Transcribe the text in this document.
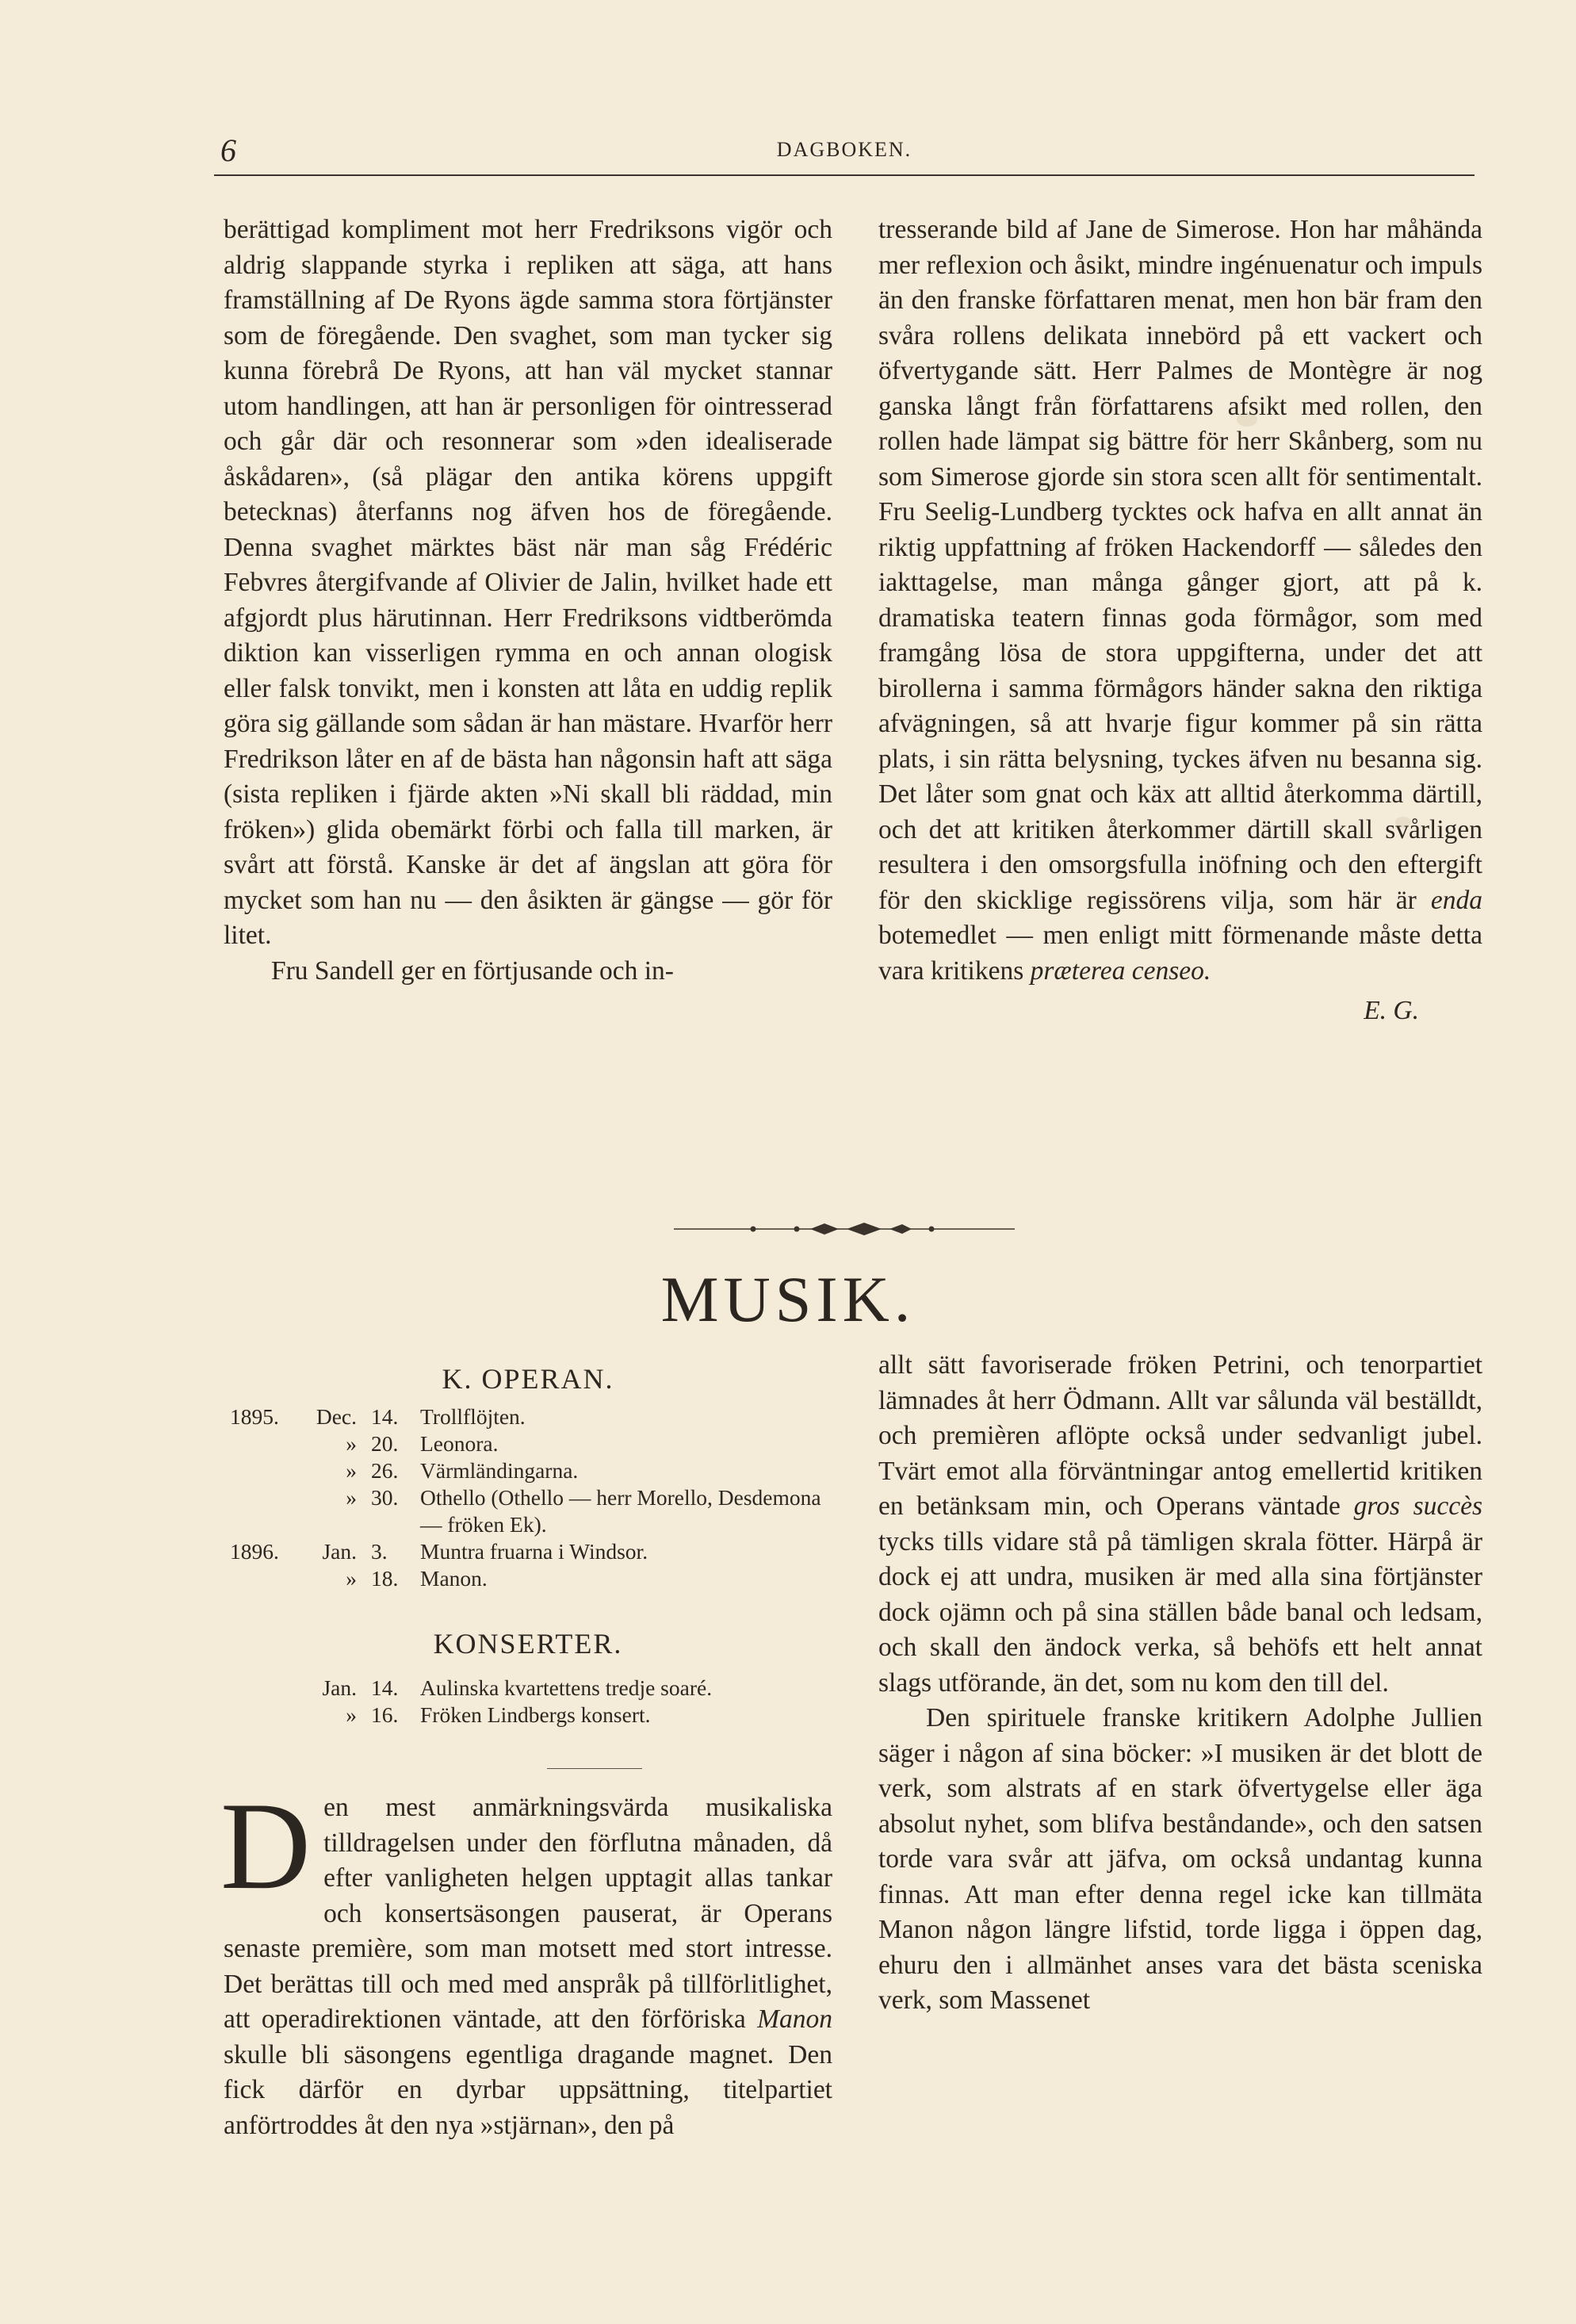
6	DAGBOKEN.

berättigad kompliment mot herr Fredriksons vigör och aldrig slappande styrka i repliken att säga, att hans framställning af De Ryons ägde samma stora förtjänster som de föregående. Den svaghet, som man tycker sig kunna förebrå De Ryons, att han väl mycket stannar utom handlingen, att han är personligen för ointresserad och går där och resonnerar som »den idealiserade åskådaren», (så plägar den antika körens uppgift betecknas) återfanns nog äfven hos de föregående. Denna svaghet märktes bäst när man såg Frédéric Febvres återgifvande af Olivier de Jalin, hvilket hade ett afgjordt plus härutinnan. Herr Fredriksons vidtberömda diktion kan visserligen rymma en och annan ologisk eller falsk tonvikt, men i konsten att låta en uddig replik göra sig gällande som sådan är han mästare. Hvarför herr Fredrikson låter en af de bästa han någonsin haft att säga (sista repliken i fjärde akten »Ni skall bli räddad, min fröken») glida obemärkt förbi och falla till marken, är svårt att förstå. Kanske är det af ängslan att göra för mycket som han nu — den åsikten är gängse — gör för litet.

Fru Sandell ger en förtjusande och in-

tresserande bild af Jane de Simerose. Hon har måhända mer reflexion och åsikt, mindre ingénuenatur och impuls än den franske författaren menat, men hon bär fram den svåra rollens delikata innebörd på ett vackert och öfvertygande sätt. Herr Palmes de Montègre är nog ganska långt från författarens afsikt med rollen, den rollen hade lämpat sig bättre för herr Skånberg, som nu som Simerose gjorde sin stora scen allt för sentimentalt. Fru Seelig-Lundberg tycktes ock hafva en allt annat än riktig uppfattning af fröken Hackendorff — således den iakttagelse, man många gånger gjort, att på k. dramatiska teatern finnas goda förmågor, som med framgång lösa de stora uppgifterna, under det att birollerna i samma förmågors händer sakna den riktiga afvägningen, så att hvarje figur kommer på sin rätta plats, i sin rätta belysning, tyckes äfven nu besanna sig. Det låter som gnat och käx att alltid återkomma därtill, och det att kritiken återkommer därtill skall svårligen resultera i den omsorgsfulla inöfning och den eftergift för den skicklige regissörens vilja, som här är enda botemedlet — men enligt mitt förmenande måste detta vara kritikens præterea censeo.

E. G.

MUSIK.
K. OPERAN.
1895.	Dec. 14.	Trollflöjten.
» 20.	Leonora.
» 26.	Värmländingarna.
» 30.	Othello (Othello — herr Morello, Desdemona — fröken Ek).
1896.	Jan. 3.	Muntra fruarna i Windsor.
» 18.	Manon.
KONSERTER.
Jan. 14.	Aulinska kvartettens tredje soaré.
» 16.	Fröken Lindbergs konsert.

Den mest anmärkningsvärda musikaliska tilldragelsen under den förflutna månaden, då efter vanligheten helgen upptagit allas tankar och konsertsäsongen pauserat, är Operans senaste première, som man motsett med stort intresse. Det berättas till och med med anspråk på tillförlitlighet, att operadirektionen väntade, att den förföriska Manon skulle bli säsongens egentliga dragande magnet. Den fick därför en dyrbar uppsättning, titelpartiet anförtroddes åt den nya »stjärnan», den på

allt sätt favoriserade fröken Petrini, och tenorpartiet lämnades åt herr Ödmann. Allt var sålunda väl beställdt, och premièren aflöpte också under sedvanligt jubel. Tvärt emot alla förväntningar antog emellertid kritiken en betänksam min, och Operans väntade gros succès tycks tills vidare stå på tämligen skrala fötter. Härpå är dock ej att undra, musiken är med alla sina förtjänster dock ojämn och på sina ställen både banal och ledsam, och skall den ändock verka, så behöfs ett helt annat slags utförande, än det, som nu kom den till del.

Den spirituele franske kritikern Adolphe Jullien säger i någon af sina böcker: »I musiken är det blott de verk, som alstrats af en stark öfvertygelse eller äga absolut nyhet, som blifva beståndande», och den satsen torde vara svår att jäfva, om också undantag kunna finnas. Att man efter denna regel icke kan tillmäta Manon någon längre lifstid, torde ligga i öppen dag, ehuru den i allmänhet anses vara det bästa sceniska verk, som Massenet
